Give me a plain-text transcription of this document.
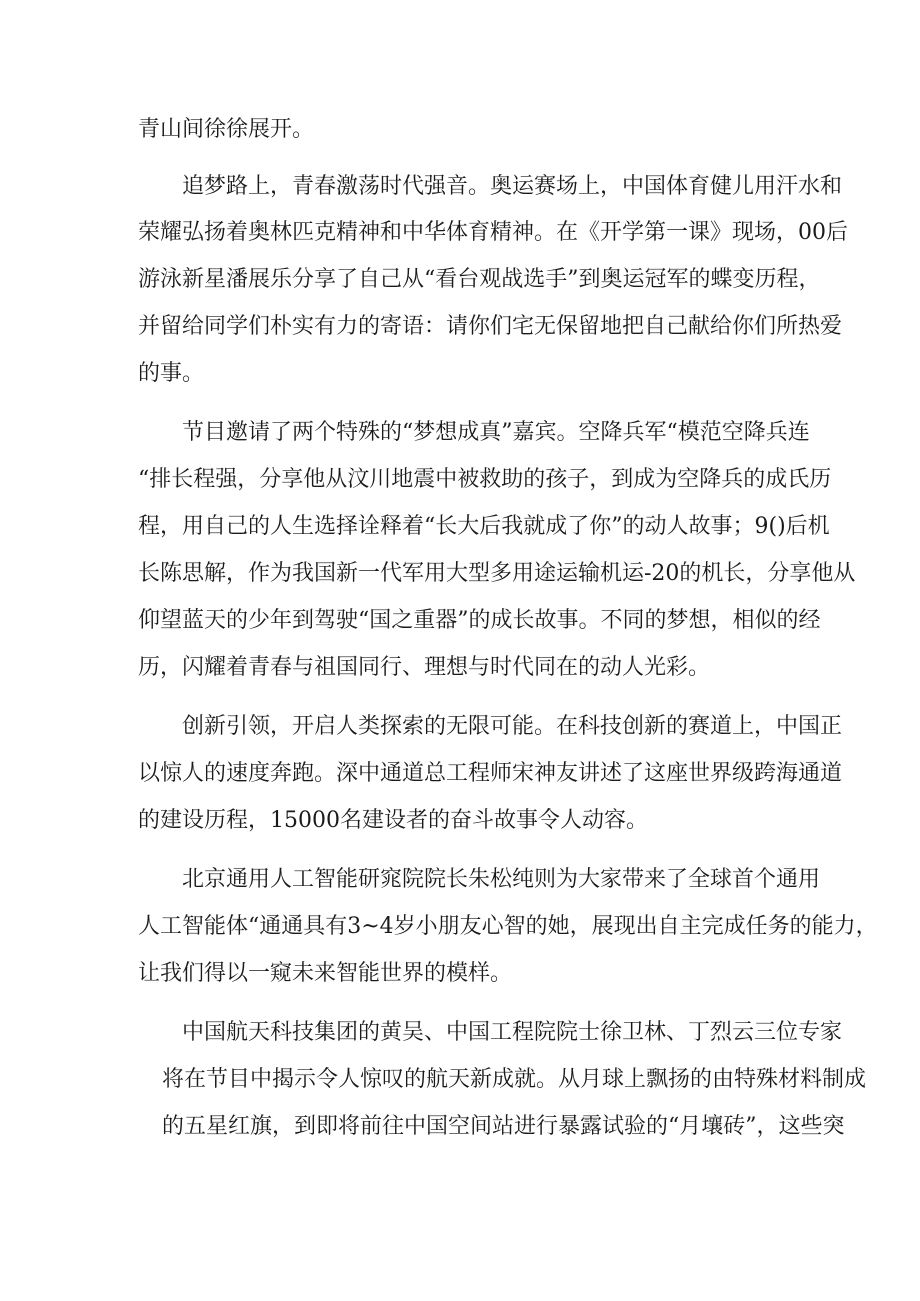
青山间徐徐展开。
追梦路上，青春激荡时代强音。奥运赛场上，中国体育健儿用汗水和
荣耀弘扬着奥林匹克精神和中华体育精神。在《开学第一课》现场，00后
游泳新星潘展乐分享了自己从“看台观战选手”到奥运冠军的蝶变历程，
并留给同学们朴实有力的寄语：请你们宅无保留地把自己献给你们所热爱
的事。
节目邀请了两个特殊的“梦想成真”嘉宾。空降兵军“模范空降兵连
“排长程强，分享他从汶川地震中被救助的孩子，到成为空降兵的成氏历
程，用自己的人生选择诠释着“长大后我就成了你”的动人故事；9()后机
长陈思解，作为我国新一代军用大型多用途运输机运-20的机长，分享他从
仰望蓝天的少年到驾驶“国之重器”的成长故事。不同的梦想，相似的经
历，闪耀着青春与祖国同行、理想与时代同在的动人光彩。
创新引领，开启人类探索的无限可能。在科技创新的赛道上，中国正
以惊人的速度奔跑。深中通道总工程师宋神友讲述了这座世界级跨海通道
的建设历程，15000名建设者的奋斗故事令人动容。
北京通用人工智能研窕院院长朱松纯则为大家带来了全球首个通用
人工智能体“通通具有3~4岁小朋友心智的她，展现出自主完成任务的能力，
让我们得以一窥未来智能世界的模样。
中国航天科技集团的黄吴、中国工程院院士徐卫林、丁烈云三位专家
将在节目中揭示令人惊叹的航天新成就。从月球上飘扬的由特殊材料制成
的五星红旗，到即将前往中国空间站进行暴露试验的“月壤砖”，这些突
